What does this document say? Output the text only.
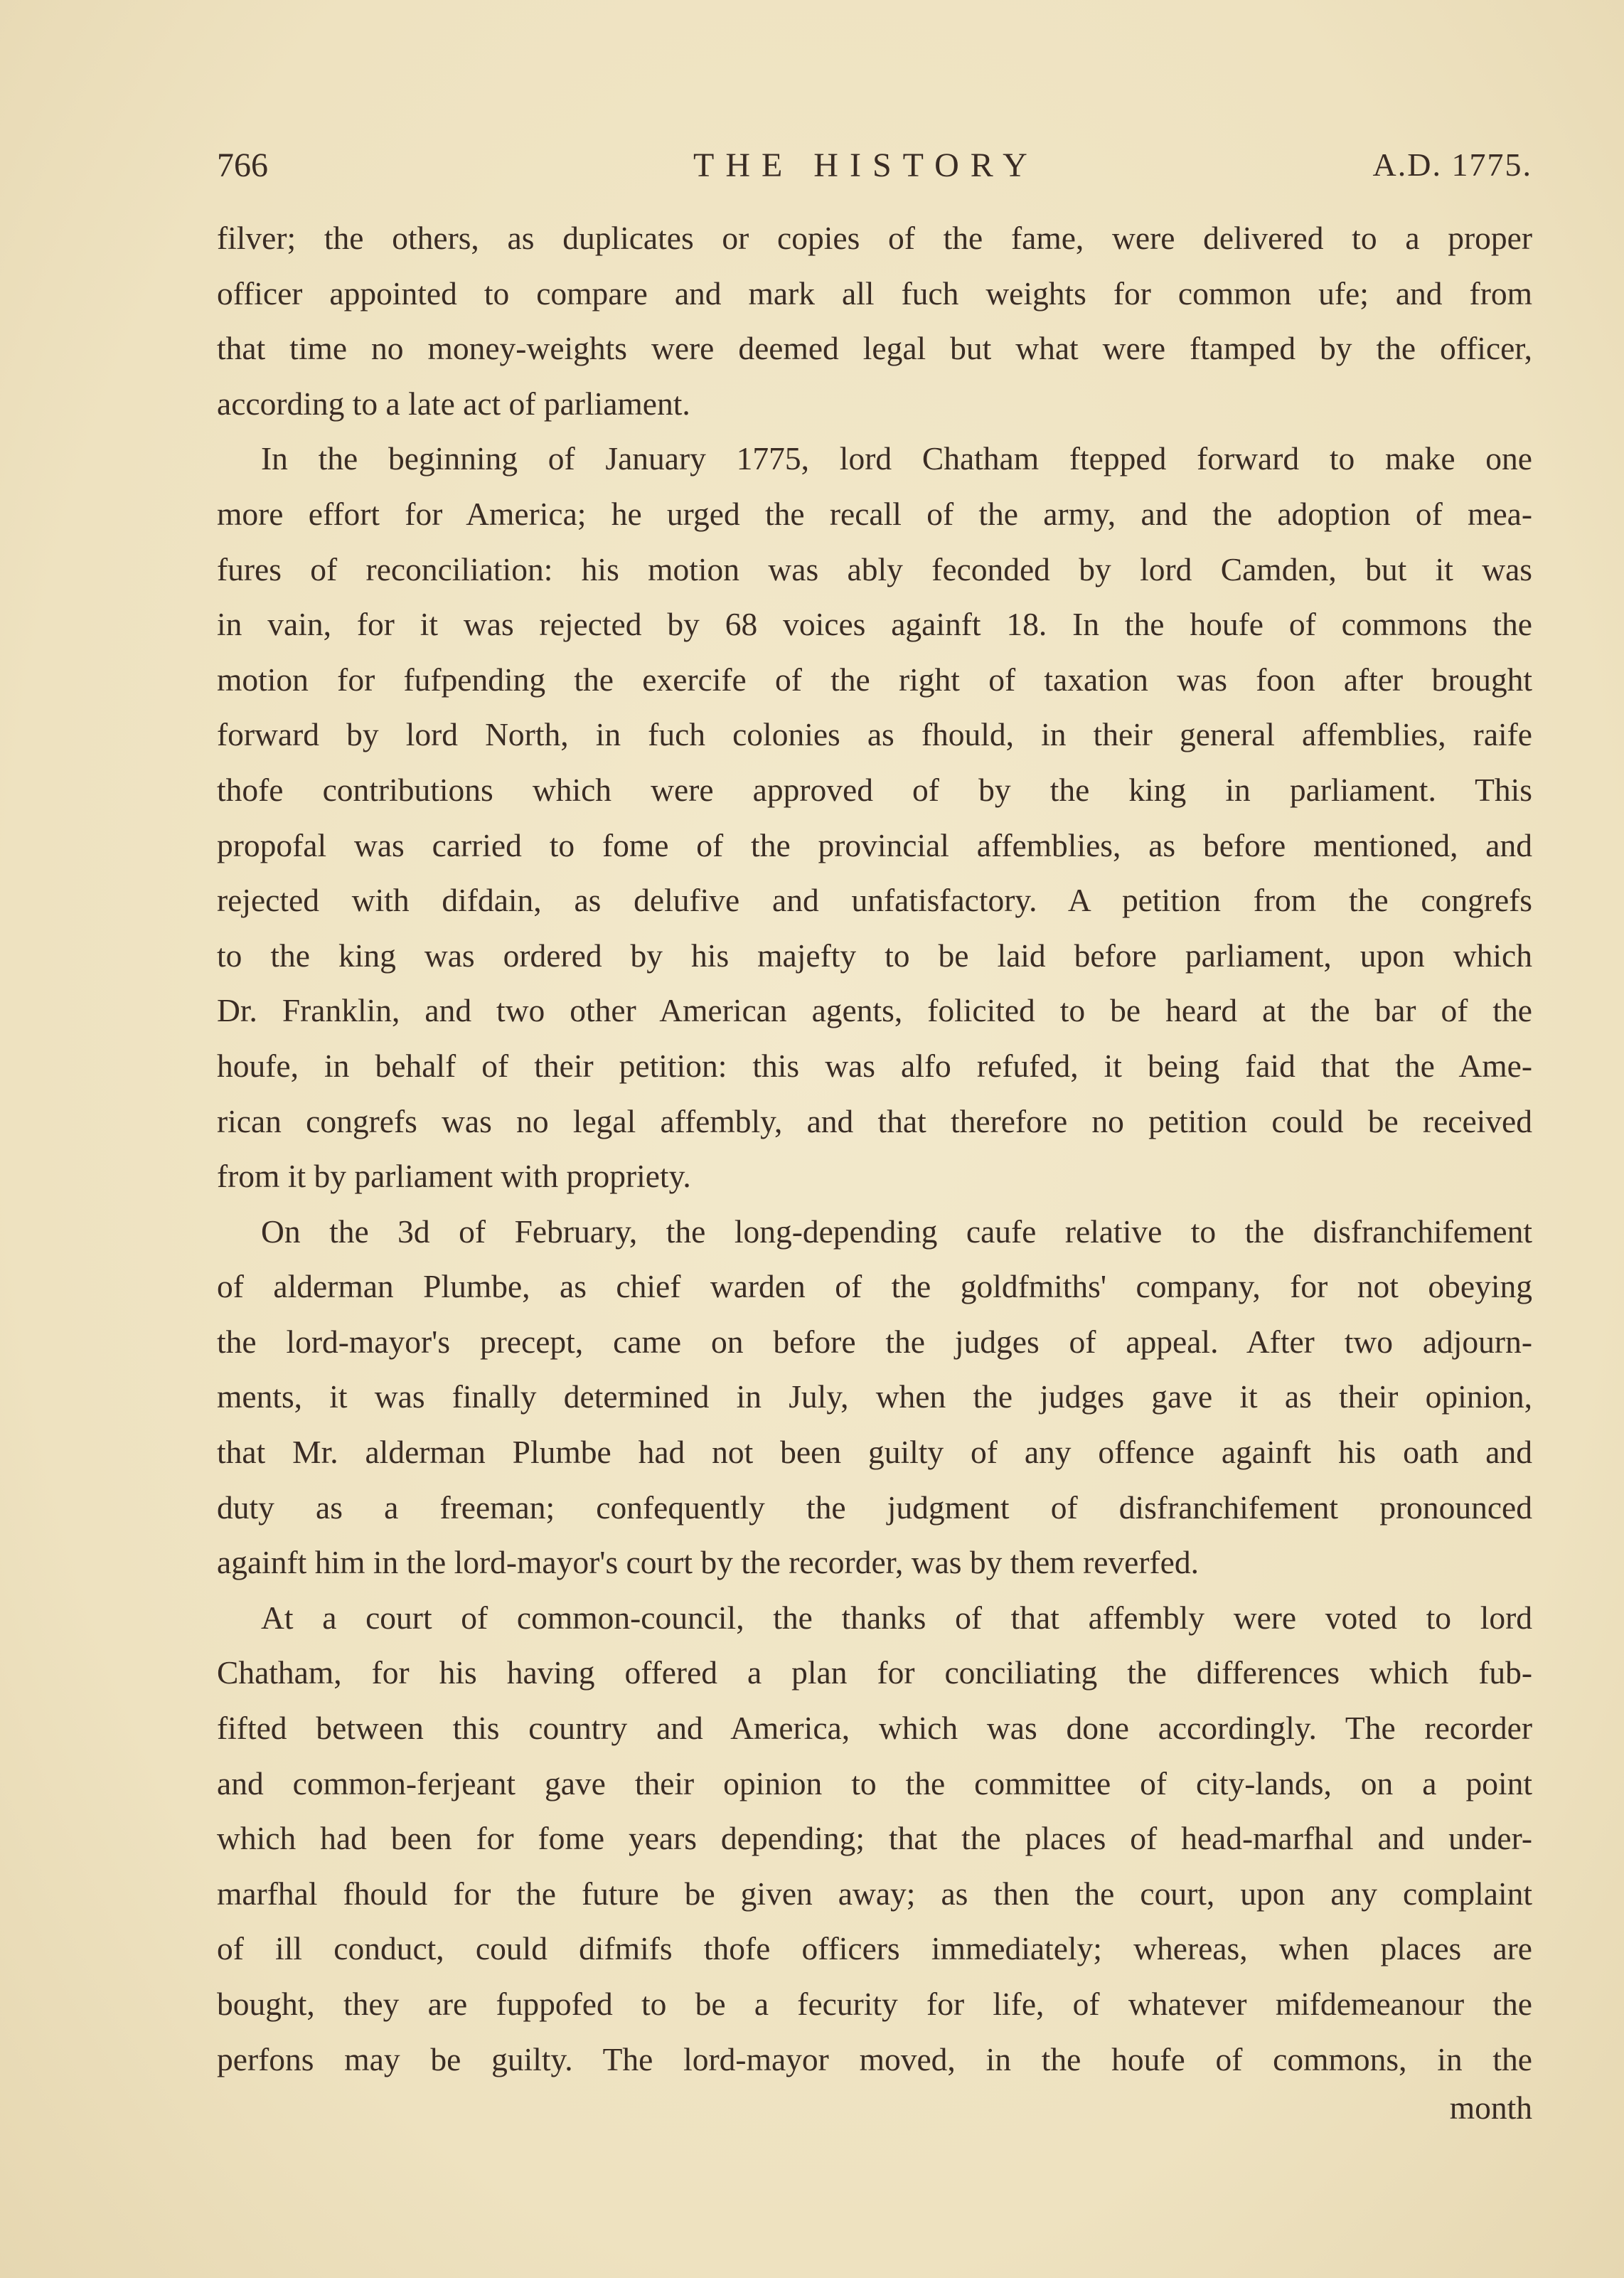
766	THE HISTORY	A.D. 1775.
filver; the others, as duplicates or copies of the fame, were delivered to a proper
officer appointed to compare and mark all fuch weights for common ufe; and from
that time no money-weights were deemed legal but what were ftamped by the officer,
according to a late act of parliament.
In the beginning of January 1775, lord Chatham ftepped forward to make one
more effort for America; he urged the recall of the army, and the adoption of mea-
fures of reconciliation: his motion was ably feconded by lord Camden, but it was
in vain, for it was rejected by 68 voices againft 18. In the houfe of commons the
motion for fufpending the exercife of the right of taxation was foon after brought
forward by lord North, in fuch colonies as fhould, in their general affemblies, raife
thofe contributions which were approved of by the king in parliament. This
propofal was carried to fome of the provincial affemblies, as before mentioned, and
rejected with difdain, as delufive and unfatisfactory. A petition from the congrefs
to the king was ordered by his majefty to be laid before parliament, upon which
Dr. Franklin, and two other American agents, folicited to be heard at the bar of the
houfe, in behalf of their petition: this was alfo refufed, it being faid that the Ame-
rican congrefs was no legal affembly, and that therefore no petition could be received
from it by parliament with propriety.
On the 3d of February, the long-depending caufe relative to the disfranchifement
of alderman Plumbe, as chief warden of the goldfmiths' company, for not obeying
the lord-mayor's precept, came on before the judges of appeal. After two adjourn-
ments, it was finally determined in July, when the judges gave it as their opinion,
that Mr. alderman Plumbe had not been guilty of any offence againft his oath and
duty as a freeman; confequently the judgment of disfranchifement pronounced
againft him in the lord-mayor's court by the recorder, was by them reverfed.
At a court of common-council, the thanks of that affembly were voted to lord
Chatham, for his having offered a plan for conciliating the differences which fub-
fifted between this country and America, which was done accordingly. The recorder
and common-ferjeant gave their opinion to the committee of city-lands, on a point
which had been for fome years depending; that the places of head-marfhal and under-
marfhal fhould for the future be given away; as then the court, upon any complaint
of ill conduct, could difmifs thofe officers immediately; whereas, when places are
bought, they are fuppofed to be a fecurity for life, of whatever mifdemeanour the
perfons may be guilty. The lord-mayor moved, in the houfe of commons, in the
month
